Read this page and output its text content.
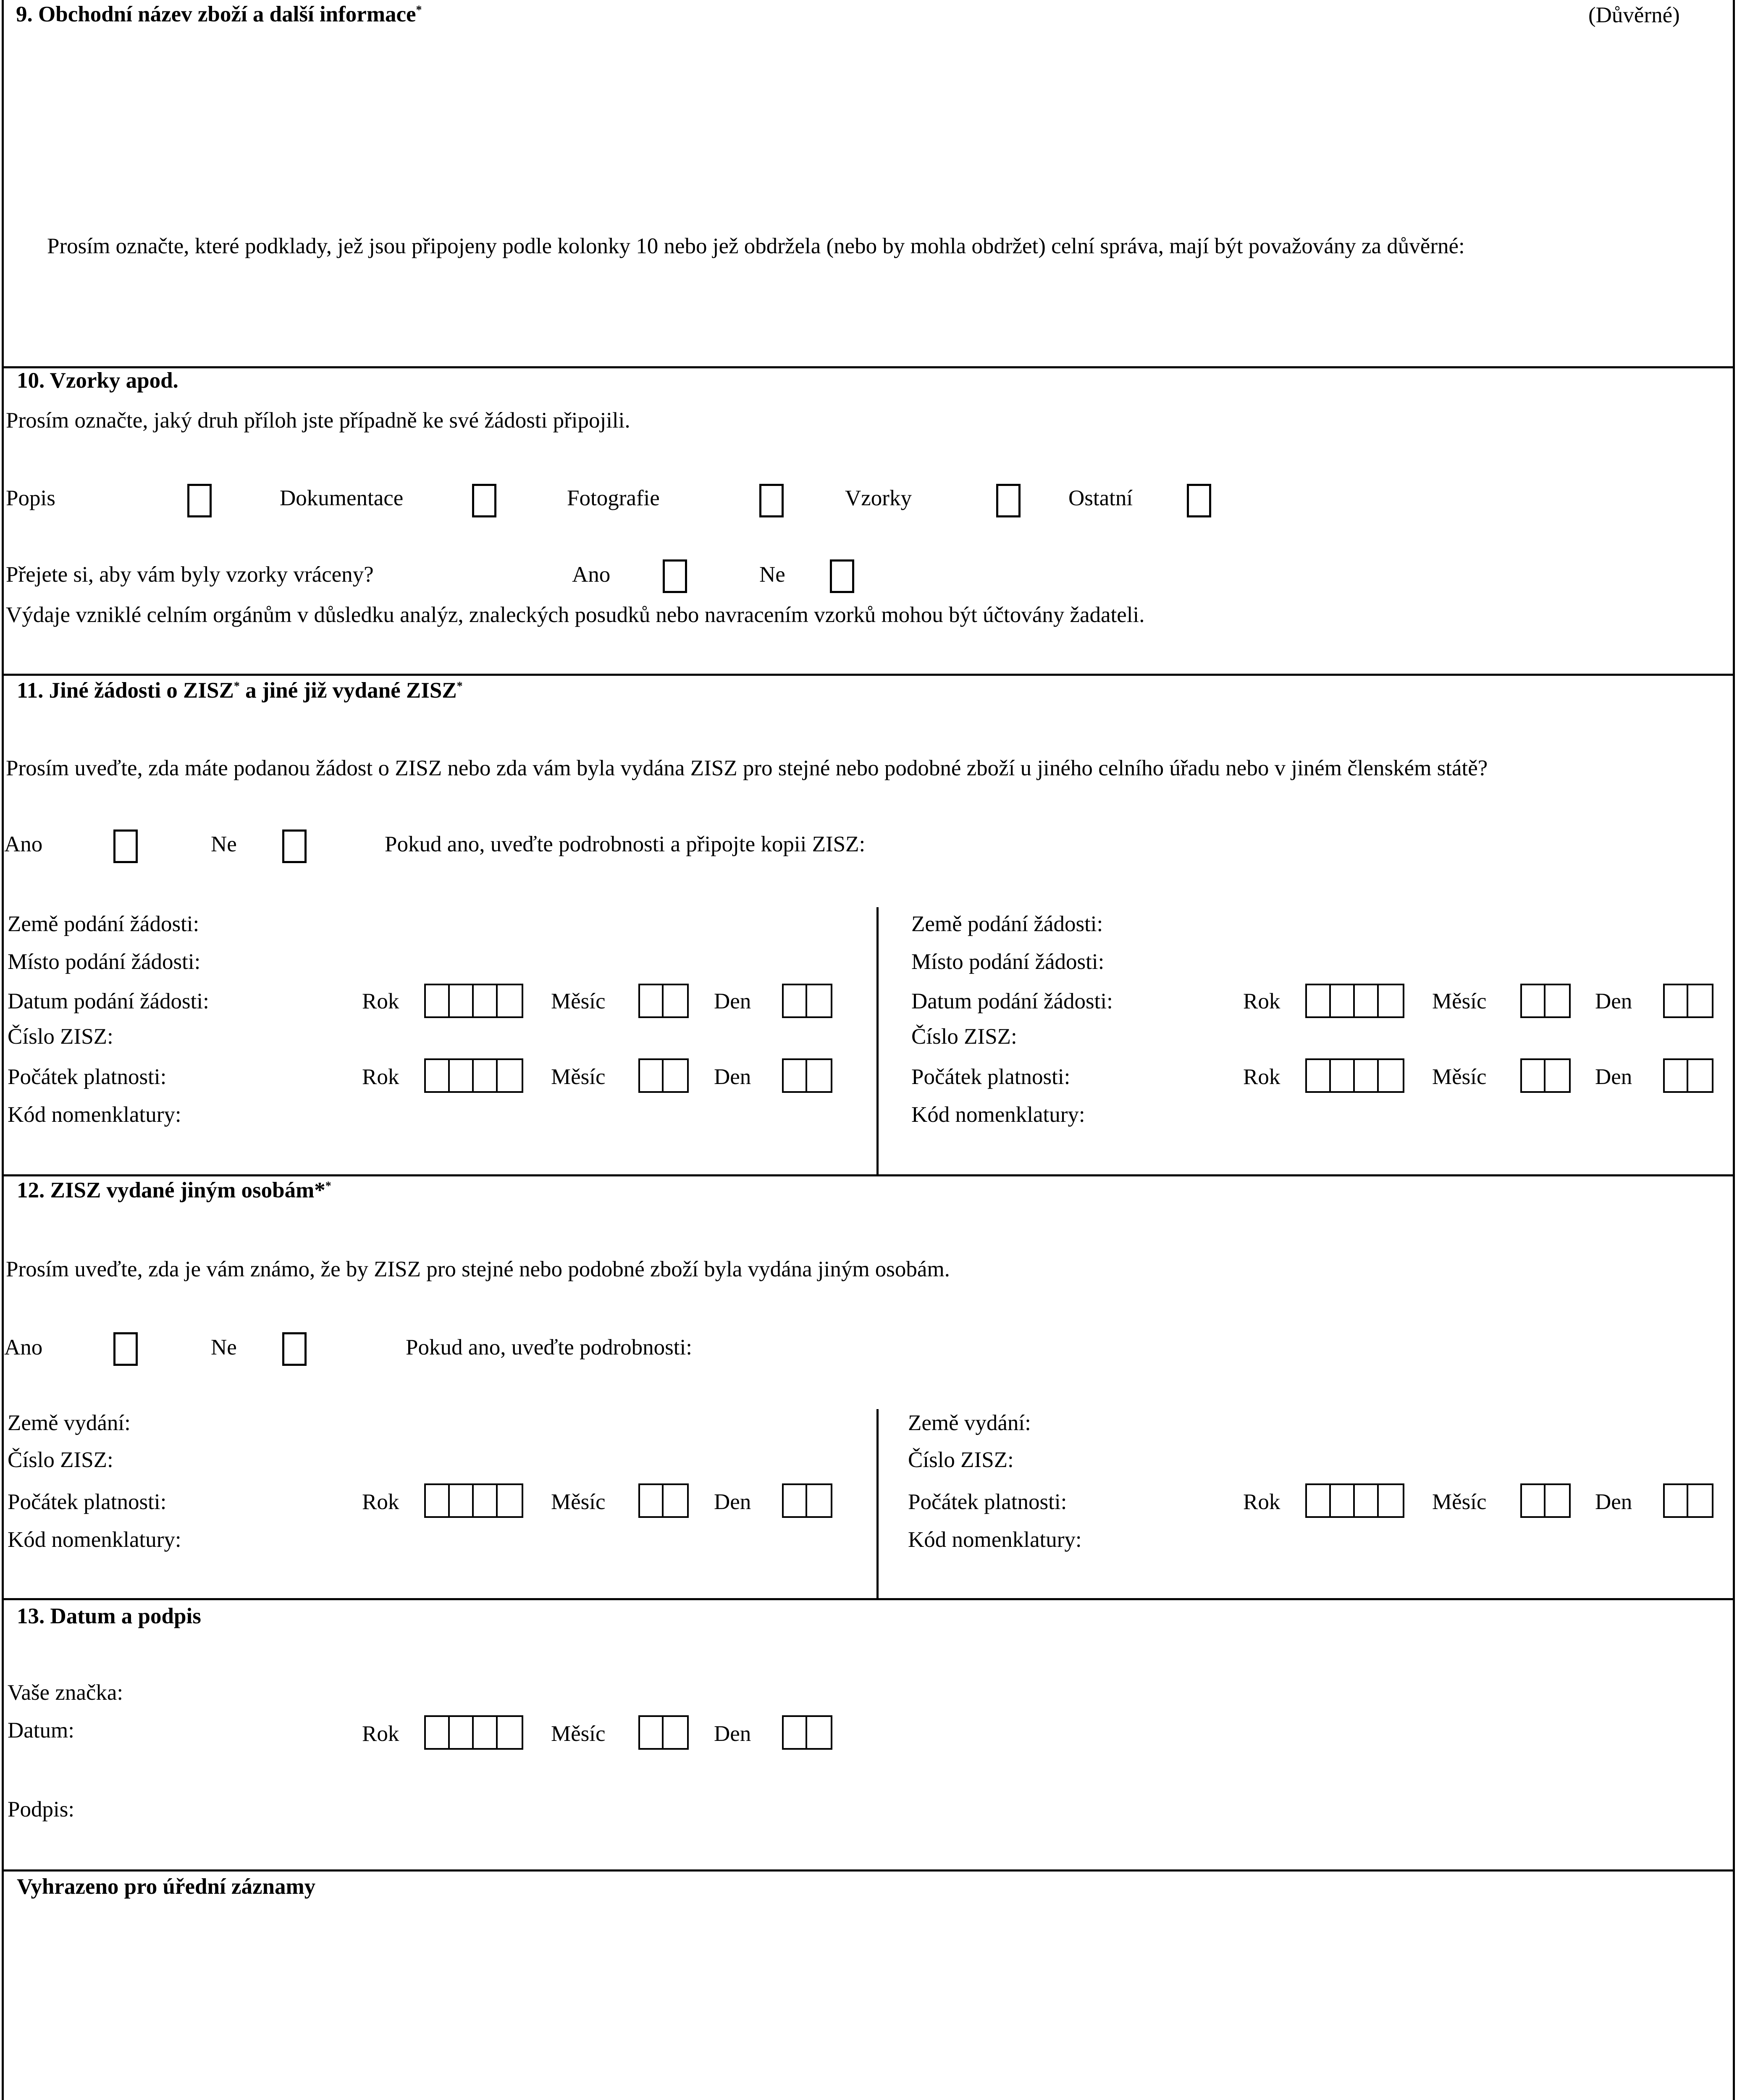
9. Obchodní název zboží a další informace*	(Důvěrné)
Prosím označte, které podklady, jež jsou připojeny podle kolonky 10 nebo jež obdržela (nebo by mohla obdržet) celní správa, mají být považovány za důvěrné:
10. Vzorky apod.
Prosím označte, jaký druh příloh jste případně ke své žádosti připojili.
Popis	Dokumentace	Fotografie	Vzorky	Ostatní
Přejete si, aby vám byly vzorky vráceny?	Ano	Ne
Výdaje vzniklé celním orgánům v důsledku analýz, znaleckých posudků nebo navracením vzorků mohou být účtovány žadateli.
11. Jiné žádosti o ZISZ* a jiné již vydané ZISZ*
Prosím uveďte, zda máte podanou žádost o ZISZ nebo zda vám byla vydána ZISZ pro stejné nebo podobné zboží u jiného celního úřadu nebo v jiném členském státě?
Ano	Ne	Pokud ano, uveďte podrobnosti a připojte kopii ZISZ:
Země podání žádosti:
Místo podání žádosti:
Datum podání žádosti:	Rok	Měsíc	Den
Číslo ZISZ:
Počátek platnosti:	Rok	Měsíc	Den
Kód nomenklatury:
Země podání žádosti:
Místo podání žádosti:
Datum podání žádosti:	Rok	Měsíc	Den
Číslo ZISZ:
Počátek platnosti:	Rok	Měsíc	Den
Kód nomenklatury:
12. ZISZ vydané jiným osobám**
Prosím uveďte, zda je vám známo, že by ZISZ pro stejné nebo podobné zboží byla vydána jiným osobám.
Ano	Ne	Pokud ano, uveďte podrobnosti:
Země vydání:
Číslo ZISZ:
Počátek platnosti:	Rok	Měsíc	Den
Kód nomenklatury:
Země vydání:
Číslo ZISZ:
Počátek platnosti:	Rok	Měsíc	Den
Kód nomenklatury:
13. Datum a podpis
Vaše značka:
Datum:	Rok	Měsíc	Den
Podpis:
Vyhrazeno pro úřední záznamy
